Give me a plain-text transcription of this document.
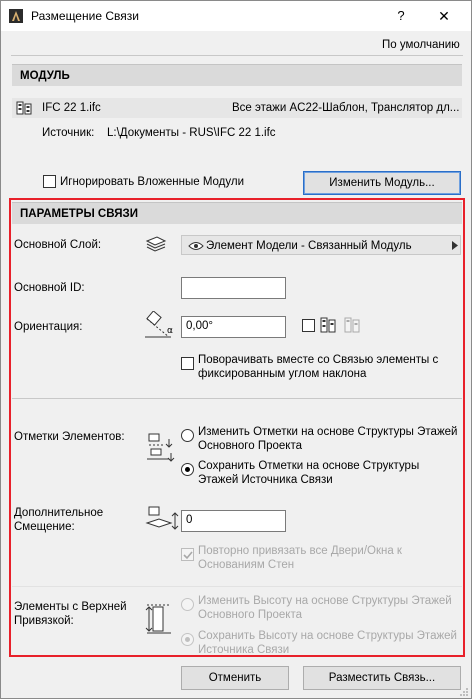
Размещение Связи	?	✕
По умолчанию
МОДУЛЬ
IFC 22 1.ifc	Все этажи AC22-Шаблон, Транслятор дл...
Источник: L:\Документы - RUS\IFC 22 1.ifc
Игнорировать Вложенные Модули	Изменить Модуль...
ПАРАМЕТРЫ СВЯЗИ
Основной Слой:	Элемент Модели - Связанный Модуль
Основной ID:
Ориентация:	α	0,00°
Поворачивать вместе со Связью элементы с фиксированным углом наклона
Отметки Элементов:	Изменить Отметки на основе Структуры Этажей Основного Проекта
Сохранить Отметки на основе Структуры Этажей Источника Связи
Дополнительное Смещение:
0
Повторно привязать все Двери/Окна к Основаниям Стен
Элементы с Верхней Привязкой:
Изменить Высоту на основе Структуры Этажей Основного Проекта
Сохранить Высоту на основе Структуры Этажей Источника Связи
Отменить	Разместить Связь...
